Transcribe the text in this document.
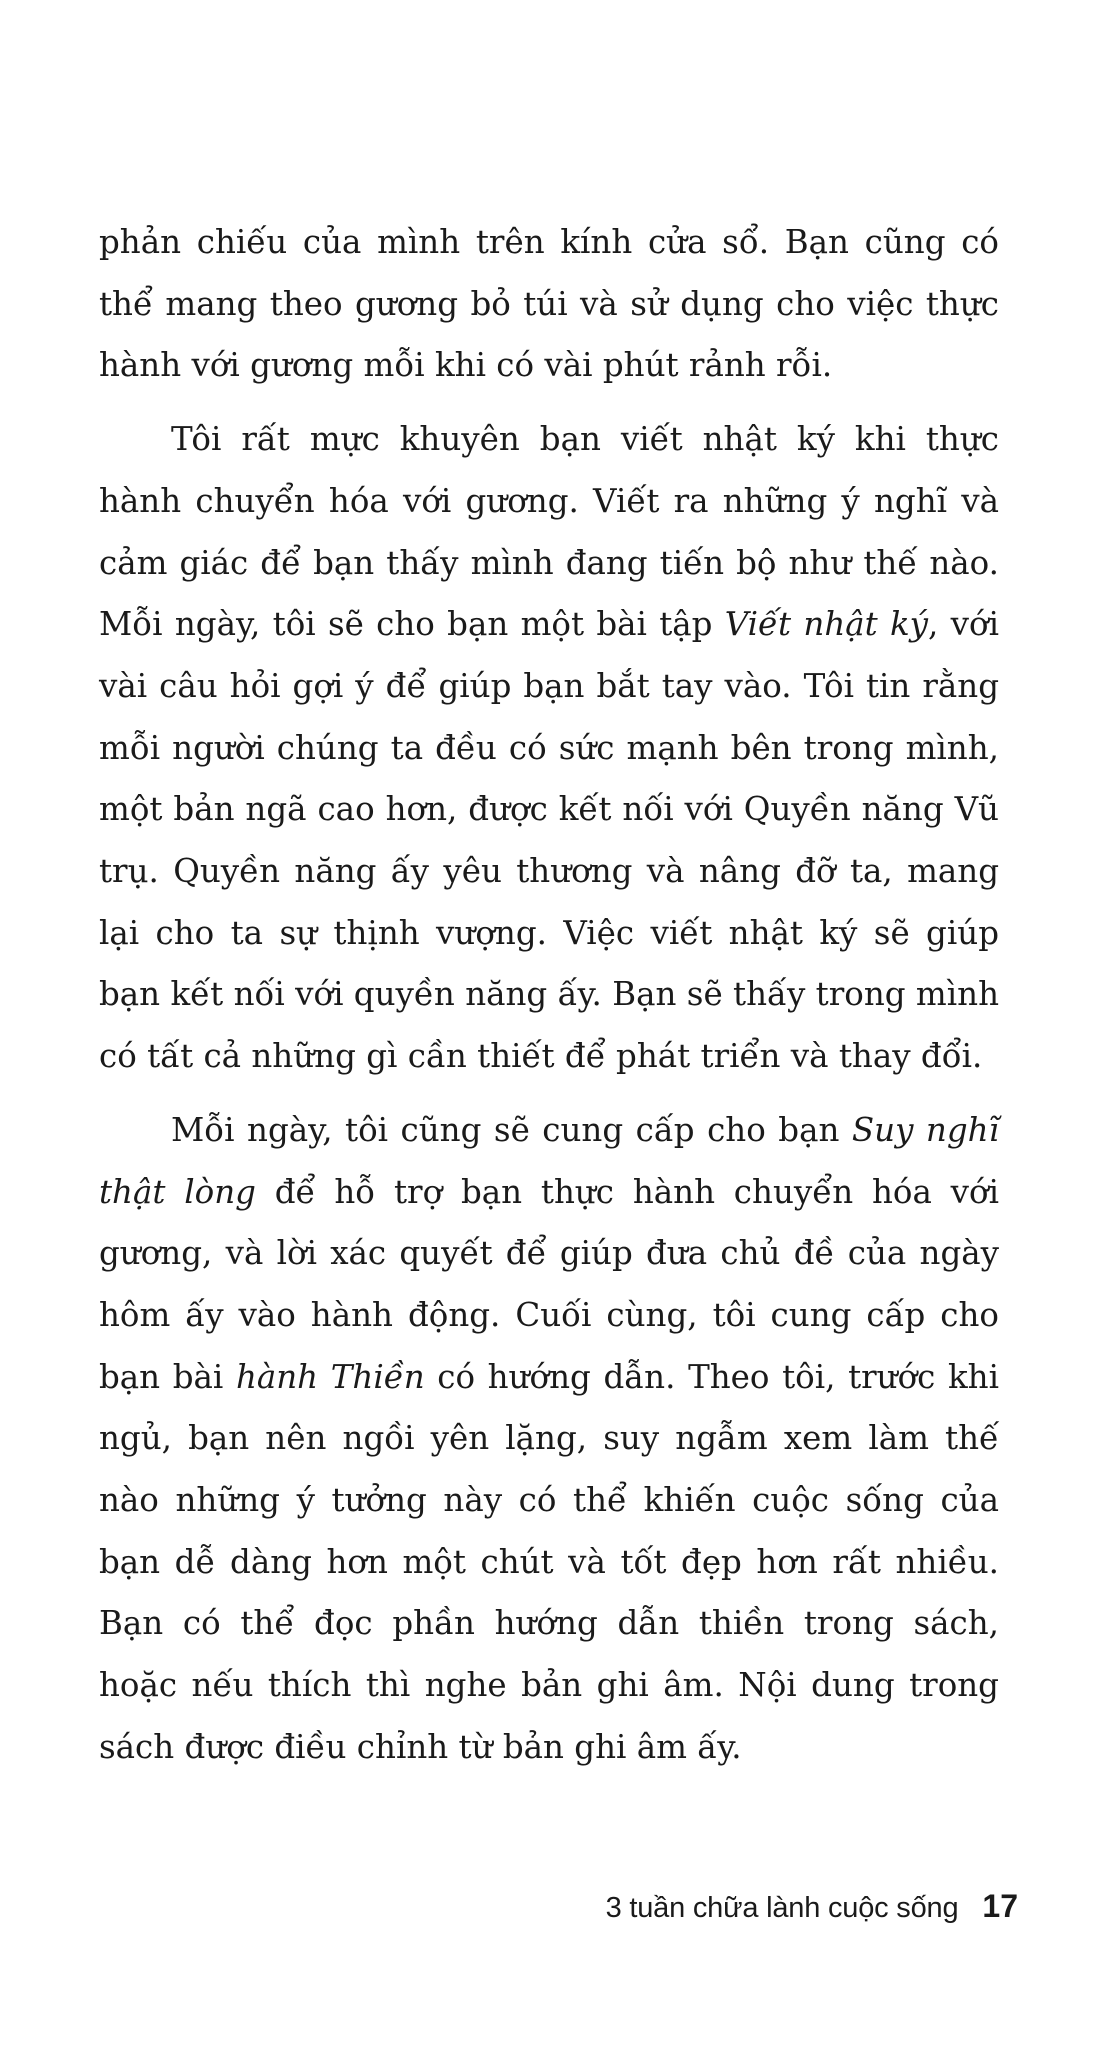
phản chiếu của mình trên kính cửa sổ. Bạn cũng có thể mang theo gương bỏ túi và sử dụng cho việc thực hành với gương mỗi khi có vài phút rảnh rỗi.

Tôi rất mực khuyên bạn viết nhật ký khi thực hành chuyển hóa với gương. Viết ra những ý nghĩ và cảm giác để bạn thấy mình đang tiến bộ như thế nào. Mỗi ngày, tôi sẽ cho bạn một bài tập Viết nhật ký, với vài câu hỏi gợi ý để giúp bạn bắt tay vào. Tôi tin rằng mỗi người chúng ta đều có sức mạnh bên trong mình, một bản ngã cao hơn, được kết nối với Quyền năng Vũ trụ. Quyền năng ấy yêu thương và nâng đỡ ta, mang lại cho ta sự thịnh vượng. Việc viết nhật ký sẽ giúp bạn kết nối với quyền năng ấy. Bạn sẽ thấy trong mình có tất cả những gì cần thiết để phát triển và thay đổi.

Mỗi ngày, tôi cũng sẽ cung cấp cho bạn Suy nghĩ thật lòng để hỗ trợ bạn thực hành chuyển hóa với gương, và lời xác quyết để giúp đưa chủ đề của ngày hôm ấy vào hành động. Cuối cùng, tôi cung cấp cho bạn bài hành Thiền có hướng dẫn. Theo tôi, trước khi ngủ, bạn nên ngồi yên lặng, suy ngẫm xem làm thế nào những ý tưởng này có thể khiến cuộc sống của bạn dễ dàng hơn một chút và tốt đẹp hơn rất nhiều. Bạn có thể đọc phần hướng dẫn thiền trong sách, hoặc nếu thích thì nghe bản ghi âm. Nội dung trong sách được điều chỉnh từ bản ghi âm ấy.

3 tuần chữa lành cuộc sống 17
